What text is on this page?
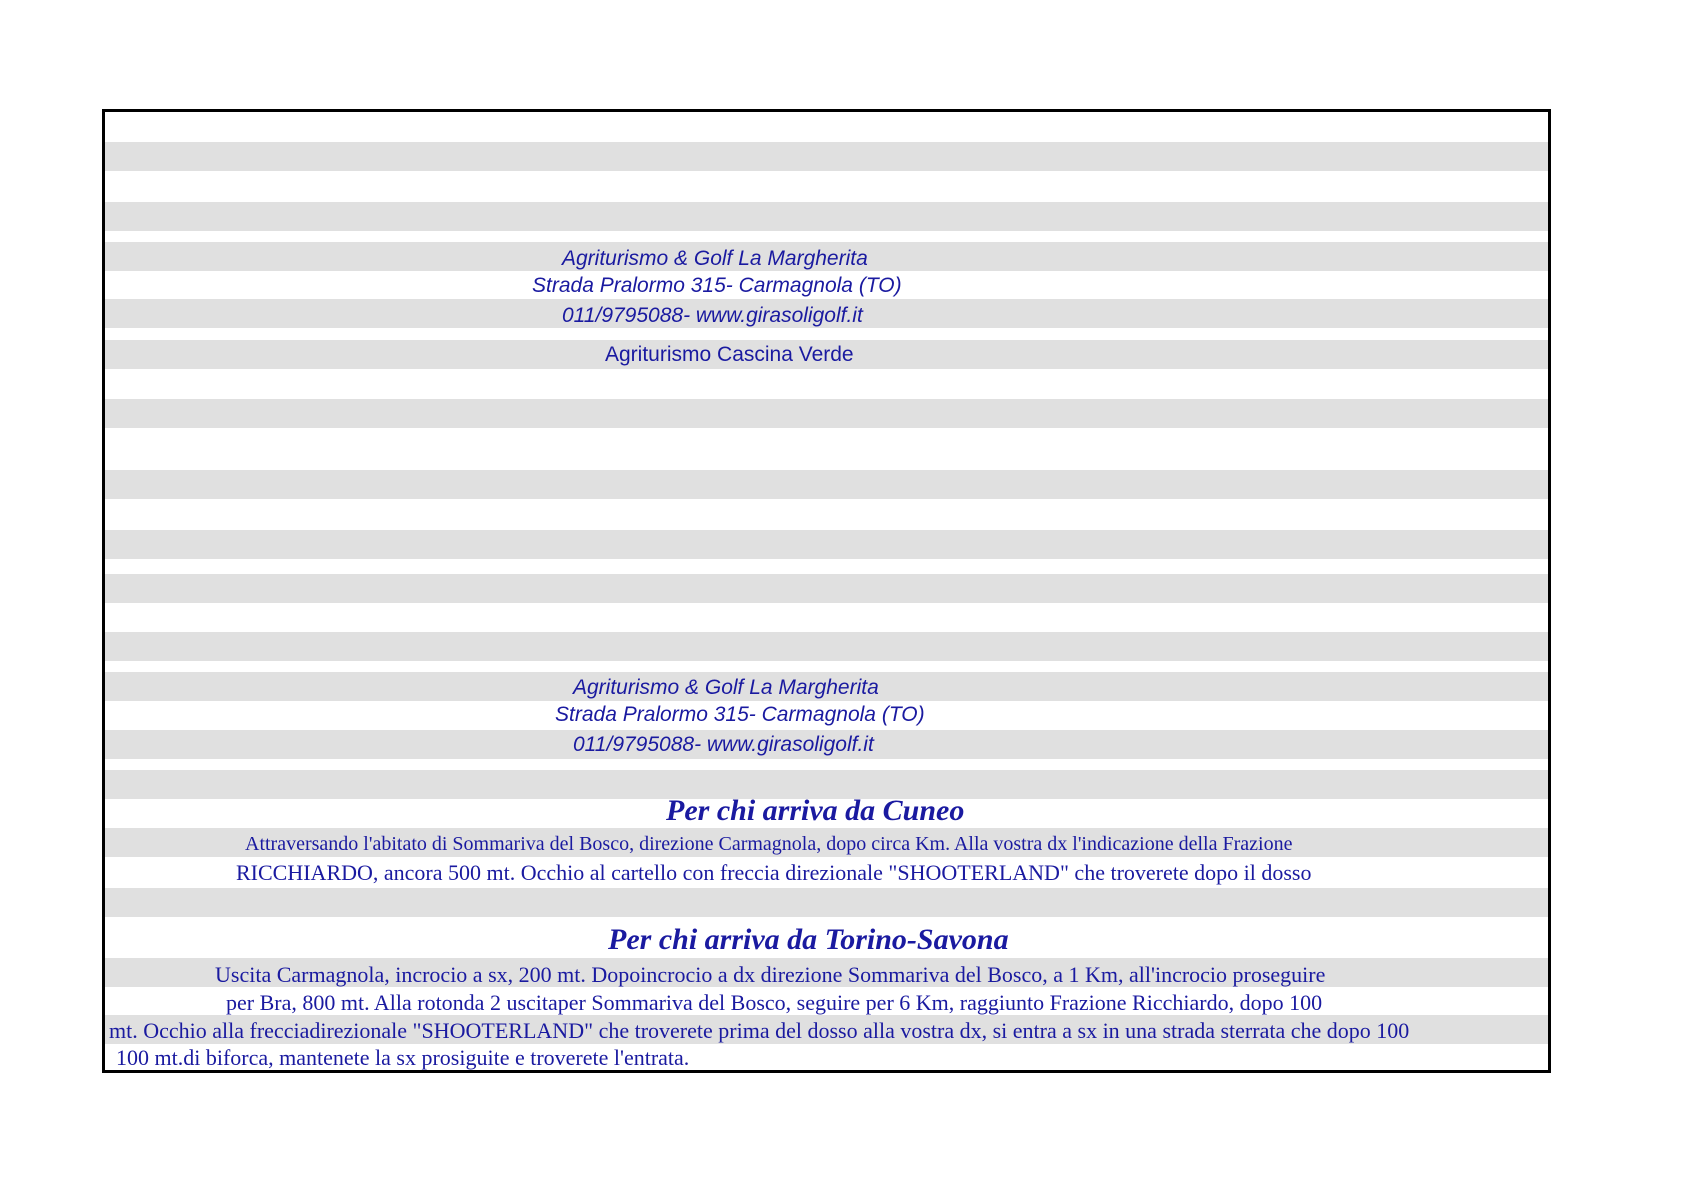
Agriturismo & Golf La Margherita
Strada Pralormo 315- Carmagnola (TO)
011/9795088- www.girasoligolf.it
Agriturismo Cascina Verde
Agriturismo & Golf La Margherita
Strada Pralormo 315- Carmagnola (TO)
011/9795088- www.girasoligolf.it
Per chi arriva da Cuneo
Attraversando l'abitato di Sommariva del Bosco, direzione Carmagnola, dopo circa Km. Alla vostra dx l'indicazione della Frazione
RICCHIARDO, ancora 500 mt. Occhio al cartello con freccia direzionale "SHOOTERLAND" che troverete dopo il dosso
Per chi arriva da Torino-Savona
Uscita Carmagnola, incrocio a sx, 200 mt. Dopoincrocio a dx direzione Sommariva del Bosco, a 1 Km, all'incrocio proseguire
per Bra, 800 mt. Alla rotonda 2 uscitaper Sommariva del Bosco, seguire per 6 Km, raggiunto Frazione Ricchiardo, dopo 100
mt. Occhio alla frecciadirezionale "SHOOTERLAND" che troverete prima del dosso alla vostra dx, si entra a sx in una strada sterrata che dopo 100
100 mt.di biforca, mantenete la sx prosiguite e troverete l'entrata.
